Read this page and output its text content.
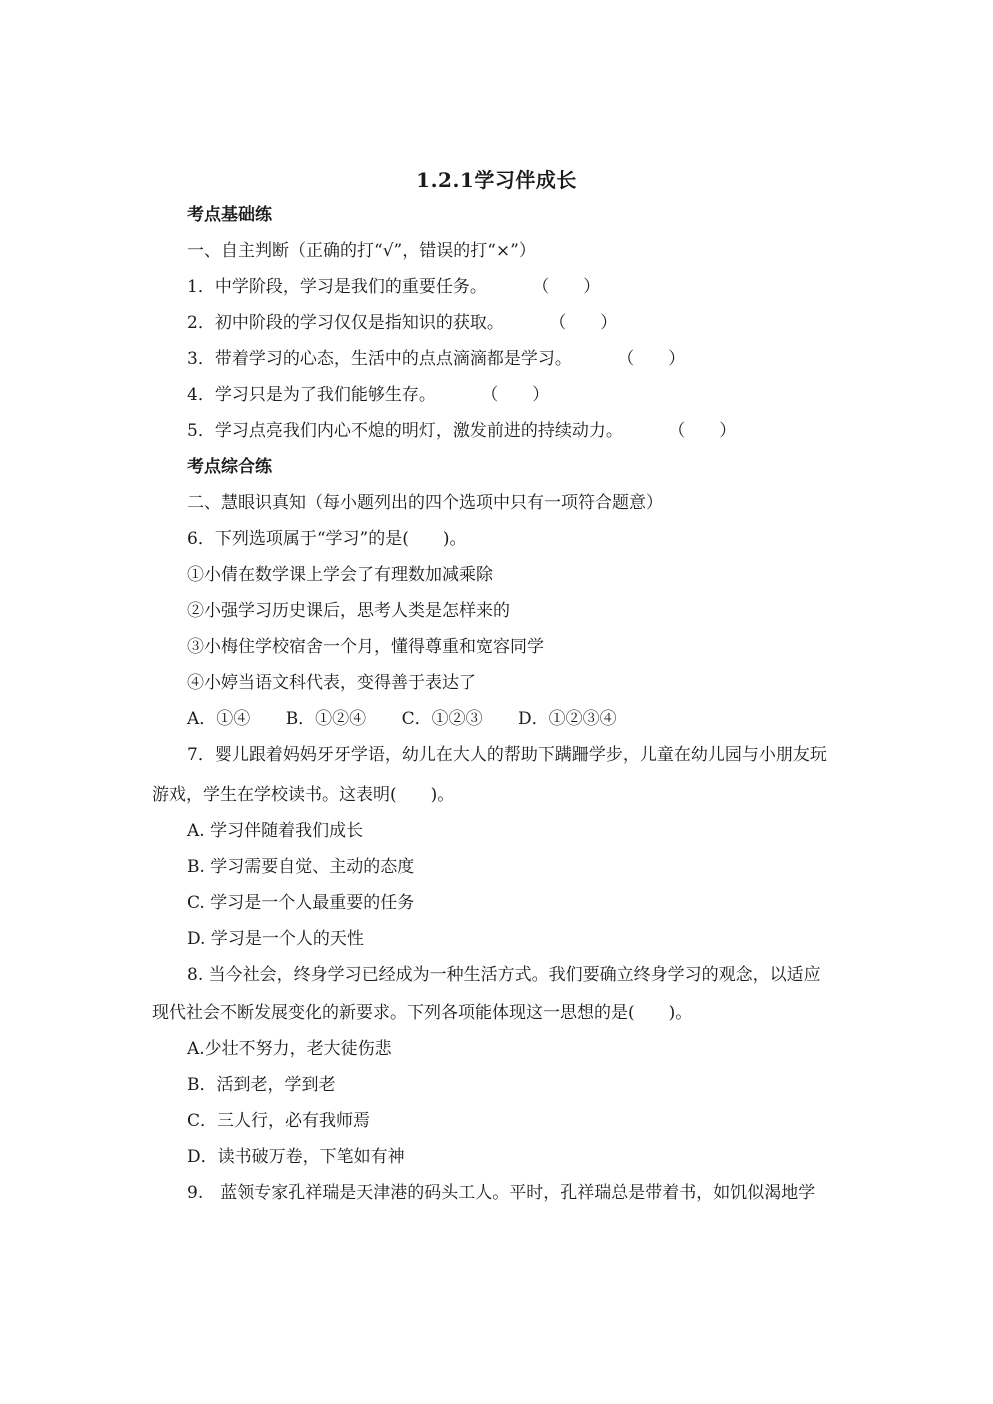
1.2.1学习伴成长
考点基础练
一、自主判断（正确的打“√”，错误的打“×”）
1．中学阶段，学习是我们的重要任务。	（　　）
2．初中阶段的学习仅仅是指知识的获取。	（　　）
3．带着学习的心态，生活中的点点滴滴都是学习。	（　　）
4．学习只是为了我们能够生存。	（　　）
5．学习点亮我们内心不熄的明灯，激发前进的持续动力。	（　　）
考点综合练
二、慧眼识真知（每小题列出的四个选项中只有一项符合题意）
6．下列选项属于“学习”的是(　　)。
①小倩在数学课上学会了有理数加减乘除
②小强学习历史课后，思考人类是怎样来的
③小梅住学校宿舍一个月，懂得尊重和宽容同学
④小婷当语文科代表，变得善于表达了
A．①④ B．①②④ C．①②③ D．①②③④
7．婴儿跟着妈妈牙牙学语，幼儿在大人的帮助下蹒跚学步，儿童在幼儿园与小朋友玩
游戏，学生在学校读书。这表明(　　)。
A. 学习伴随着我们成长
B. 学习需要自觉、主动的态度
C. 学习是一个人最重要的任务
D. 学习是一个人的天性
8. 当今社会，终身学习已经成为一种生活方式。我们要确立终身学习的观念，以适应
现代社会不断发展变化的新要求。下列各项能体现这一思想的是(　　)。
A.少壮不努力，老大徒伤悲
B．活到老，学到老
C．三人行，必有我师焉
D．读书破万卷，下笔如有神
9.　蓝领专家孔祥瑞是天津港的码头工人。平时，孔祥瑞总是带着书，如饥似渴地学
